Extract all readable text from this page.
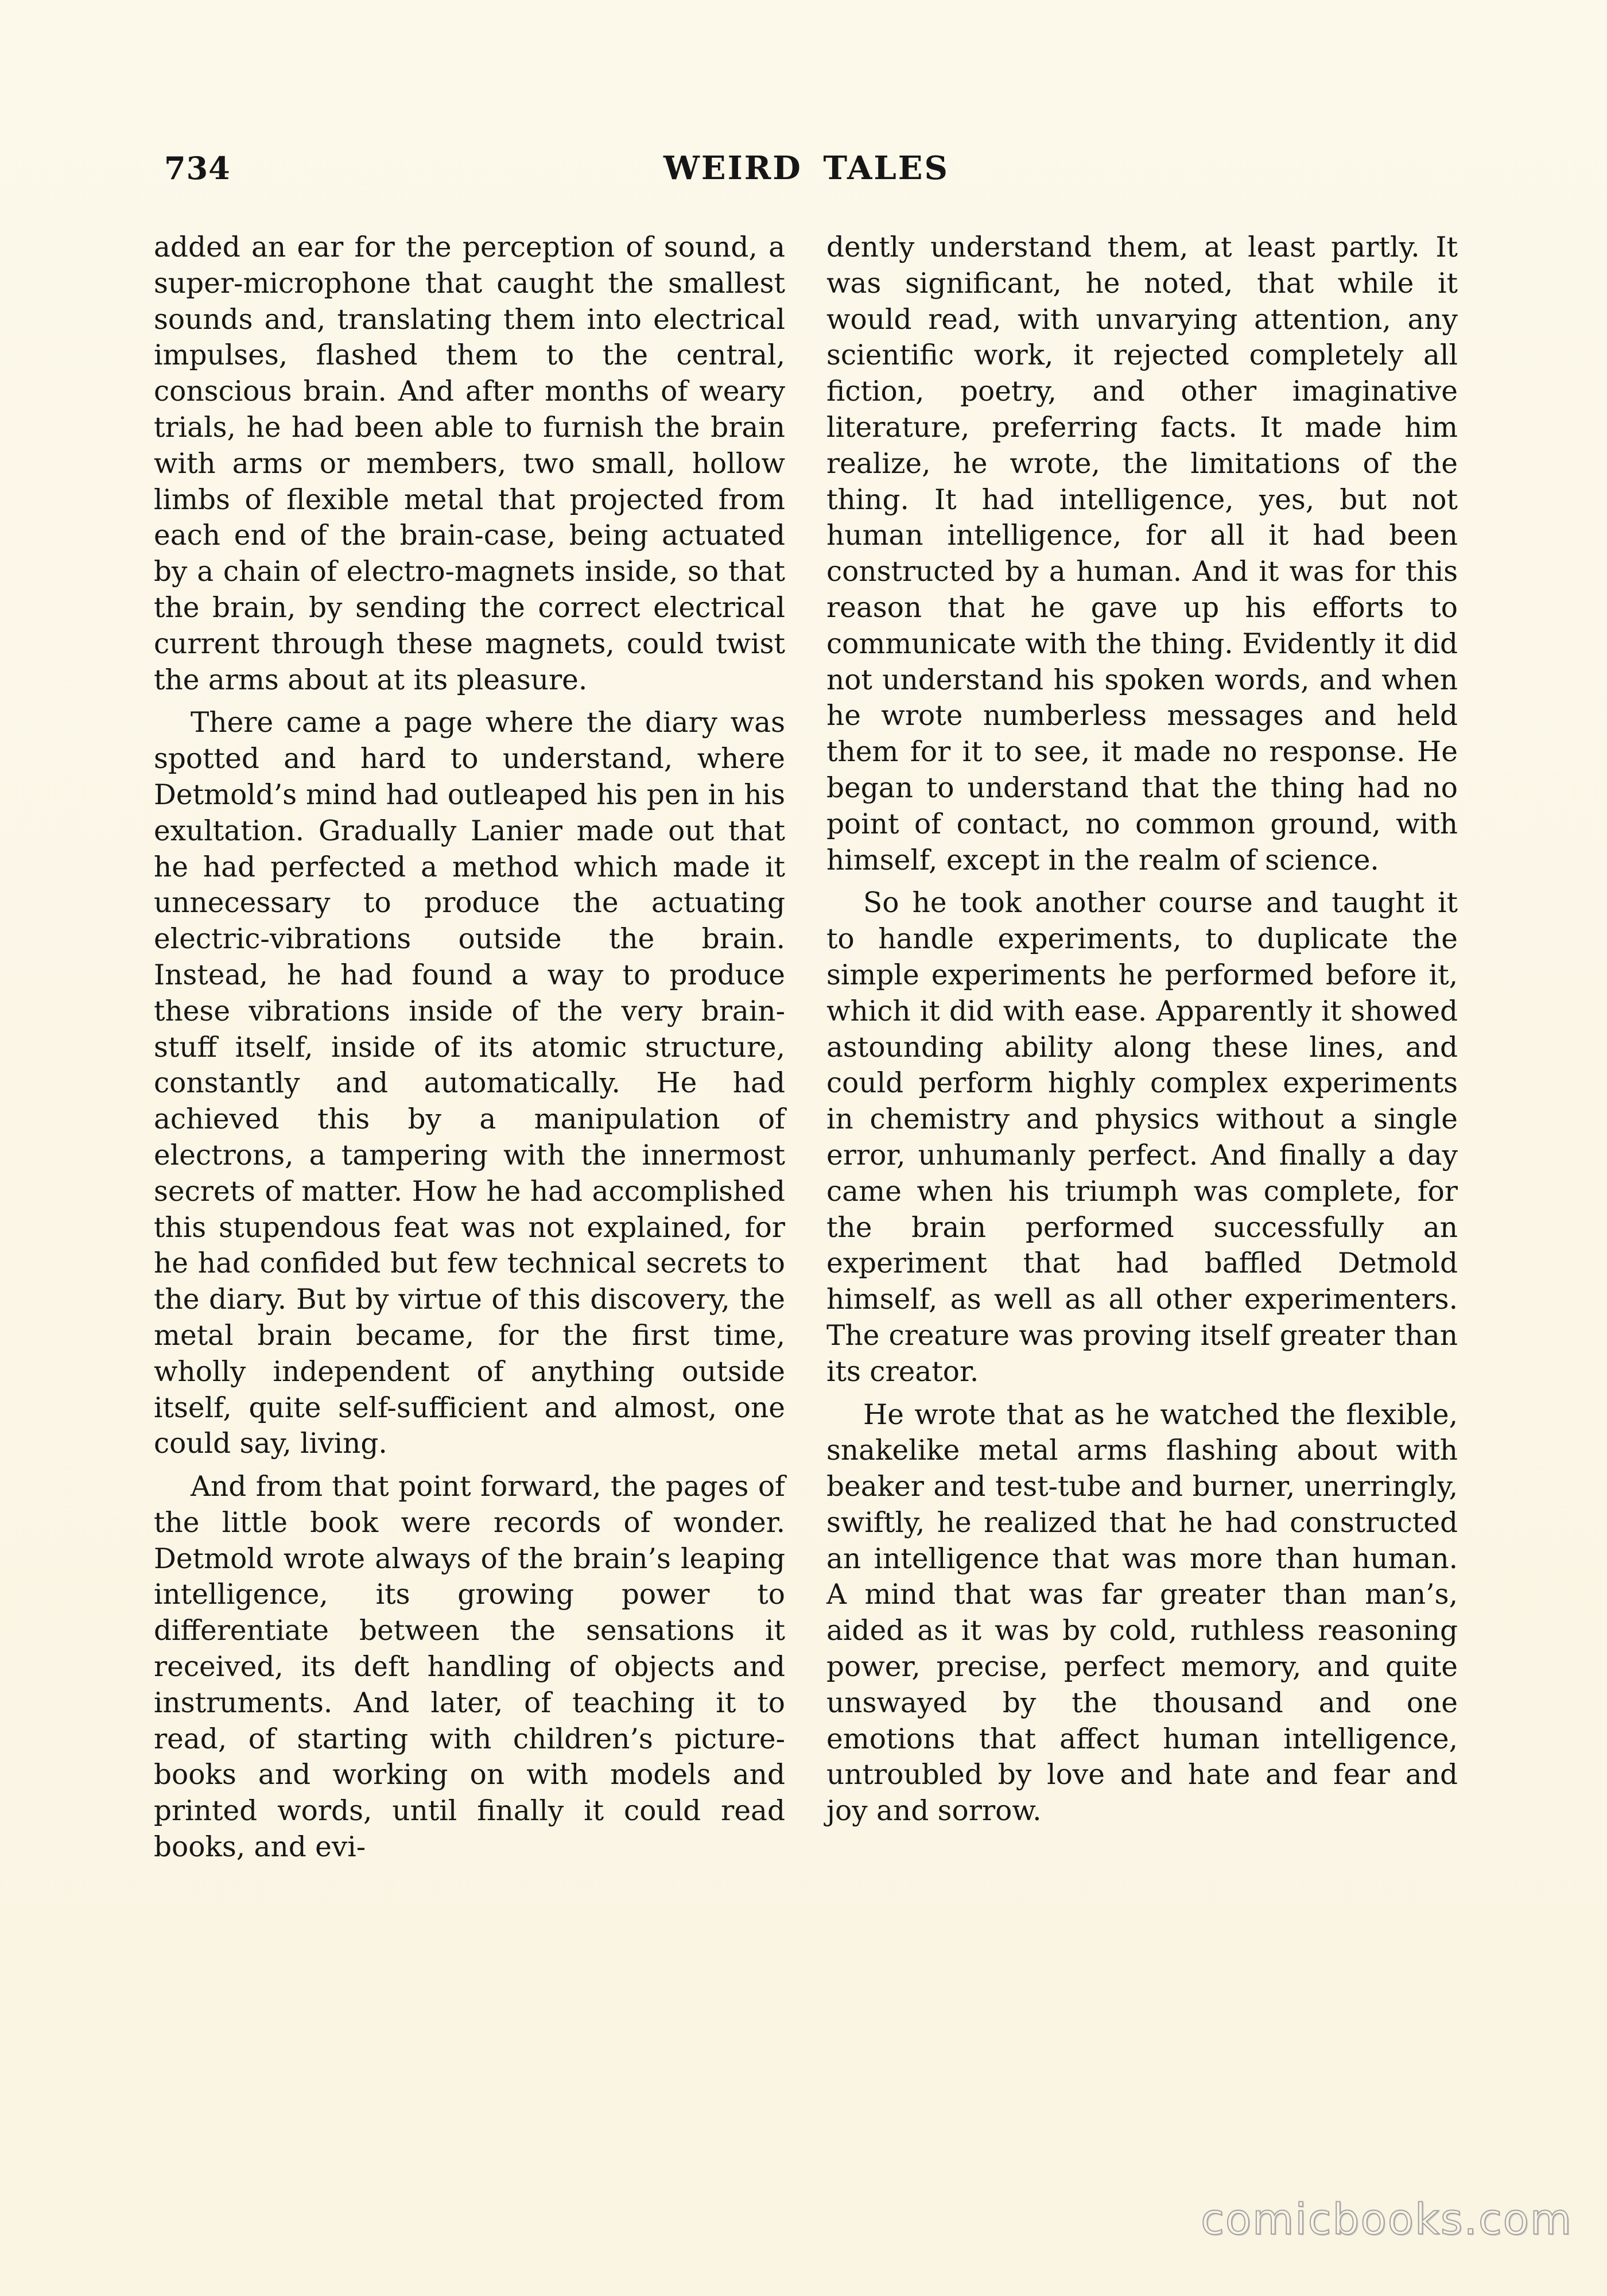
734	WEIRD TALES

added an ear for the perception of sound, a super-microphone that caught the smallest sounds and, translating them into electrical impulses, flashed them to the central, conscious brain. And after months of weary trials, he had been able to furnish the brain with arms or members, two small, hollow limbs of flexible metal that projected from each end of the brain-case, being actuated by a chain of electro-magnets inside, so that the brain, by sending the correct electrical current through these magnets, could twist the arms about at its pleasure.

There came a page where the diary was spotted and hard to understand, where Detmold’s mind had outleaped his pen in his exultation. Gradually Lanier made out that he had perfected a method which made it unnecessary to produce the actuating electric-vibrations outside the brain. Instead, he had found a way to produce these vibrations inside of the very brain-stuff itself, inside of its atomic structure, constantly and automatically. He had achieved this by a manipulation of electrons, a tampering with the innermost secrets of matter. How he had accomplished this stupendous feat was not explained, for he had confided but few technical secrets to the diary. But by virtue of this discovery, the metal brain became, for the first time, wholly independent of anything outside itself, quite self-sufficient and almost, one could say, living.

And from that point forward, the pages of the little book were records of wonder. Detmold wrote always of the brain’s leaping intelligence, its growing power to differentiate between the sensations it received, its deft handling of objects and instruments. And later, of teaching it to read, of starting with children’s picture-books and working on with models and printed words, until finally it could read books, and evi-

dently understand them, at least partly. It was significant, he noted, that while it would read, with unvarying attention, any scientific work, it rejected completely all fiction, poetry, and other imaginative literature, preferring facts. It made him realize, he wrote, the limitations of the thing. It had intelligence, yes, but not human intelligence, for all it had been constructed by a human. And it was for this reason that he gave up his efforts to communicate with the thing. Evidently it did not understand his spoken words, and when he wrote numberless messages and held them for it to see, it made no response. He began to understand that the thing had no point of contact, no common ground, with himself, except in the realm of science.

So he took another course and taught it to handle experiments, to duplicate the simple experiments he performed before it, which it did with ease. Apparently it showed astounding ability along these lines, and could perform highly complex experiments in chemistry and physics without a single error, unhumanly perfect. And finally a day came when his triumph was complete, for the brain performed successfully an experiment that had baffled Detmold himself, as well as all other experimenters. The creature was proving itself greater than its creator.

He wrote that as he watched the flexible, snakelike metal arms flashing about with beaker and test-tube and burner, unerringly, swiftly, he realized that he had constructed an intelligence that was more than human. A mind that was far greater than man’s, aided as it was by cold, ruthless reasoning power, precise, perfect memory, and quite unswayed by the thousand and one emotions that affect human intelligence, untroubled by love and hate and fear and joy and sorrow.

comicbooks.com
